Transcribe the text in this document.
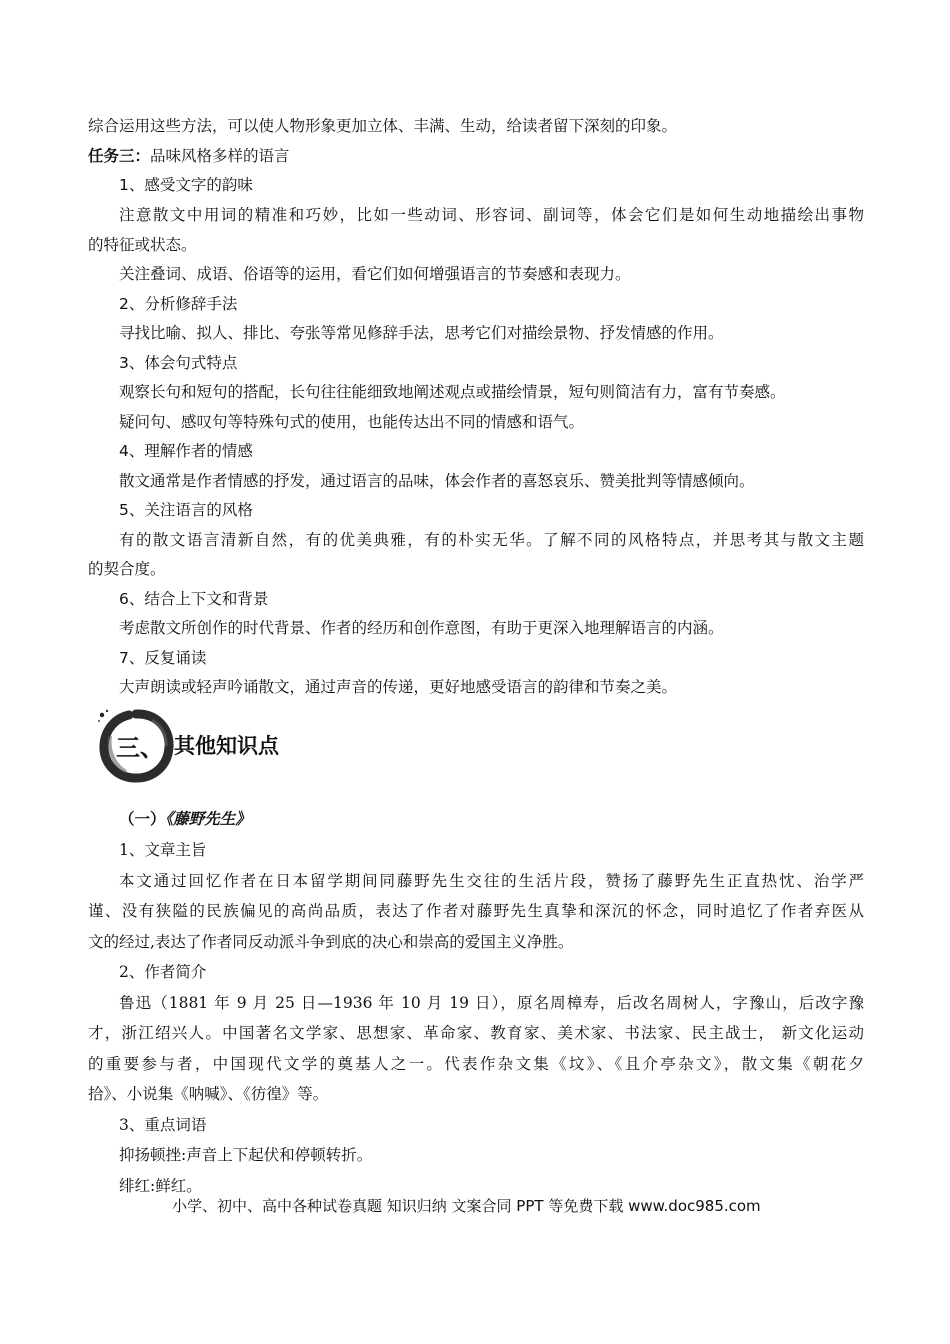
综合运用这些方法，可以使人物形象更加立体、丰满、生动，给读者留下深刻的印象。
任务三：品味风格多样的语言
1、感受文字的韵味
注意散文中用词的精准和巧妙，比如一些动词、形容词、副词等，体会它们是如何生动地描绘出事物
的特征或状态。
关注叠词、成语、俗语等的运用，看它们如何增强语言的节奏感和表现力。
2、分析修辞手法
寻找比喻、拟人、排比、夸张等常见修辞手法，思考它们对描绘景物、抒发情感的作用。
3、体会句式特点
观察长句和短句的搭配，长句往往能细致地阐述观点或描绘情景，短句则简洁有力，富有节奏感。
疑问句、感叹句等特殊句式的使用，也能传达出不同的情感和语气。
4、理解作者的情感
散文通常是作者情感的抒发，通过语言的品味，体会作者的喜怒哀乐、赞美批判等情感倾向。
5、关注语言的风格
有的散文语言清新自然，有的优美典雅，有的朴实无华。了解不同的风格特点，并思考其与散文主题
的契合度。
6、结合上下文和背景
考虑散文所创作的时代背景、作者的经历和创作意图，有助于更深入地理解语言的内涵。
7、反复诵读
大声朗读或轻声吟诵散文，通过声音的传递，更好地感受语言的韵律和节奏之美。
三、 其他知识点
（一）《藤野先生》
1、文章主旨
本文通过回忆作者在日本留学期间同藤野先生交往的生活片段，赞扬了藤野先生正直热忱、治学严
谨、没有狭隘的民族偏见的高尚品质，表达了作者对藤野先生真挚和深沉的怀念，同时追忆了作者弃医从
文的经过,表达了作者同反动派斗争到底的决心和崇高的爱国主义净胜。
2、作者简介
鲁迅（1881 年 9 月 25 日—1936 年 10 月 19 日），原名周樟寿，后改名周树人，字豫山，后改字豫
才，浙江绍兴人。中国著名文学家、思想家、革命家、教育家、美术家、书法家、民主战士， 新文化运动
的重要参与者，中国现代文学的奠基人之一。代表作杂文集《坟》、《且介亭杂文》，散文集《朝花夕
拾》、小说集《呐喊》、《彷徨》等。
3、重点词语
抑扬顿挫:声音上下起伏和停顿转折。
绯红:鲜红。
小学、初中、高中各种试卷真题 知识归纳 文案合同 PPT 等免费下载 www.doc985.com
